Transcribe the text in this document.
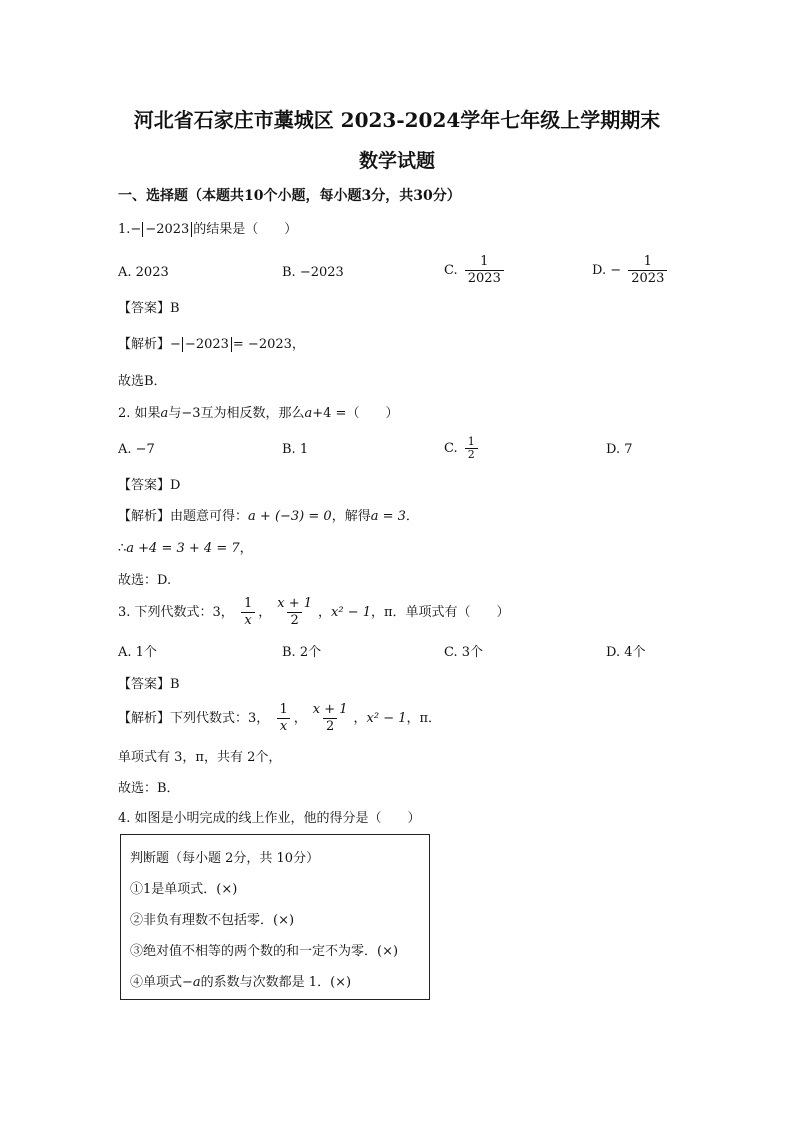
河北省石家庄市藁城区 2023-2024学年七年级上学期期末
数学试题
一、选择题（本题共10个小题，每小题3分，共30分）
1.− −2023 的结果是（　　）
A. 2023	B. −2023	C. $\frac{1}{2023}$	D. − $\frac{1}{2023}$
【答案】B
【解析】− −2023 = −2023，
故选B．
2. 如果a与−3互为相反数，那么a+4 =（　　）
A. −7	B. 1	C. $\frac{1}{2}$	D. 7
【答案】D
【解析】由题意可得：a + (−3) = 0，解得a = 3．
∴a +4 = 3 + 4 = 7，
故选：D.
3. 下列代数式：3， $\frac{1}{x}$ ， $\frac{x + 1}{2}$ ，x² − 1，π．单项式有（　　）
A. 1个	B. 2个	C. 3个	D. 4个
【答案】B
【解析】下列代数式：3， $\frac{1}{x}$ ， $\frac{x + 1}{2}$ ，x² − 1，π．
单项式有 3，π，共有 2个，
故选：B．
4. 如图是小明完成的线上作业，他的得分是（　　）
判断题（每小题 2分，共 10分）
①1是单项式．(×)
②非负有理数不包括零．(×)
③绝对值不相等的两个数的和一定不为零．(×)
④单项式−a的系数与次数都是 1．(×)
